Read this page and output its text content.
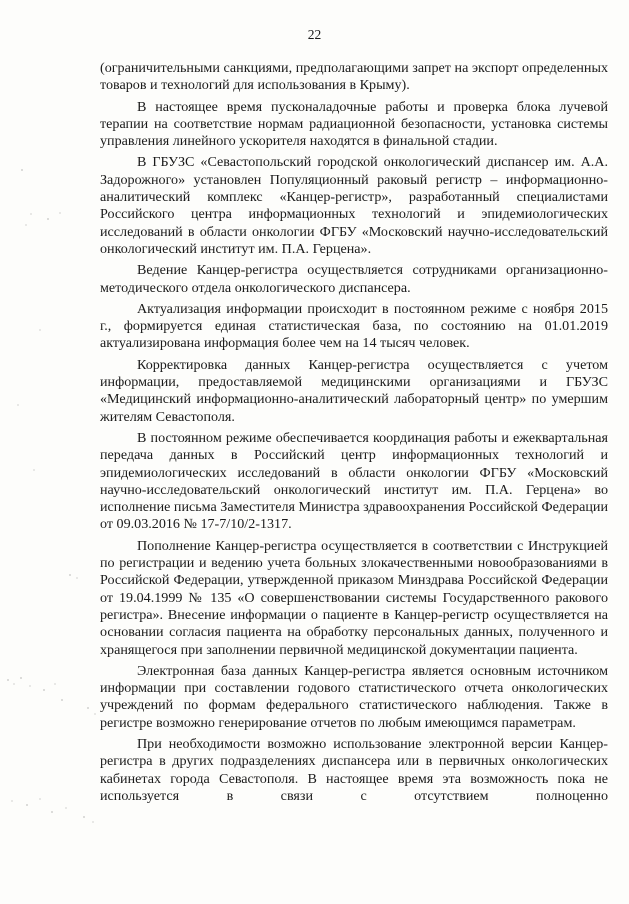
22

(ограничительными санкциями, предполагающими запрет на экспорт определенных товаров и технологий для использования в Крыму).

В настоящее время пусконаладочные работы и проверка блока лучевой терапии на соответствие нормам радиационной безопасности, установка системы управления линейного ускорителя находятся в финальной стадии.

В ГБУЗС «Севастопольский городской онкологический диспансер им. А.А. Задорожного» установлен Популяционный раковый регистр – информационно-аналитический комплекс «Канцер-регистр», разработанный специалистами Российского центра информационных технологий и эпидемиологических исследований в области онкологии ФГБУ «Московский научно-исследовательский онкологический институт им. П.А. Герцена».

Ведение Канцер-регистра осуществляется сотрудниками организационно-методического отдела онкологического диспансера.

Актуализация информации происходит в постоянном режиме с ноября 2015 г., формируется единая статистическая база, по состоянию на 01.01.2019 актуализирована информация более чем на 14 тысяч человек.

Корректировка данных Канцер-регистра осуществляется с учетом информации, предоставляемой медицинскими организациями и ГБУЗС «Медицинский информационно-аналитический лабораторный центр» по умершим жителям Севастополя.

В постоянном режиме обеспечивается координация работы и ежеквартальная передача данных в Российский центр информационных технологий и эпидемиологических исследований в области онкологии ФГБУ «Московский научно-исследовательский онкологический институт им. П.А. Герцена» во исполнение письма Заместителя Министра здравоохранения Российской Федерации от 09.03.2016 № 17-7/10/2-1317.

Пополнение Канцер-регистра осуществляется в соответствии с Инструкцией по регистрации и ведению учета больных злокачественными новообразованиями в Российской Федерации, утвержденной приказом Минздрава Российской Федерации от 19.04.1999 № 135 «О совершенствовании системы Государственного ракового регистра». Внесение информации о пациенте в Канцер-регистр осуществляется на основании согласия пациента на обработку персональных данных, полученного и хранящегося при заполнении первичной медицинской документации пациента.

Электронная база данных Канцер-регистра является основным источником информации при составлении годового статистического отчета онкологических учреждений по формам федерального статистического наблюдения. Также в регистре возможно генерирование отчетов по любым имеющимся параметрам.

При необходимости возможно использование электронной версии Канцер-регистра в других подразделениях диспансера или в первичных онкологических кабинетах города Севастополя. В настоящее время эта возможность пока не используется в связи с отсутствием полноценно
